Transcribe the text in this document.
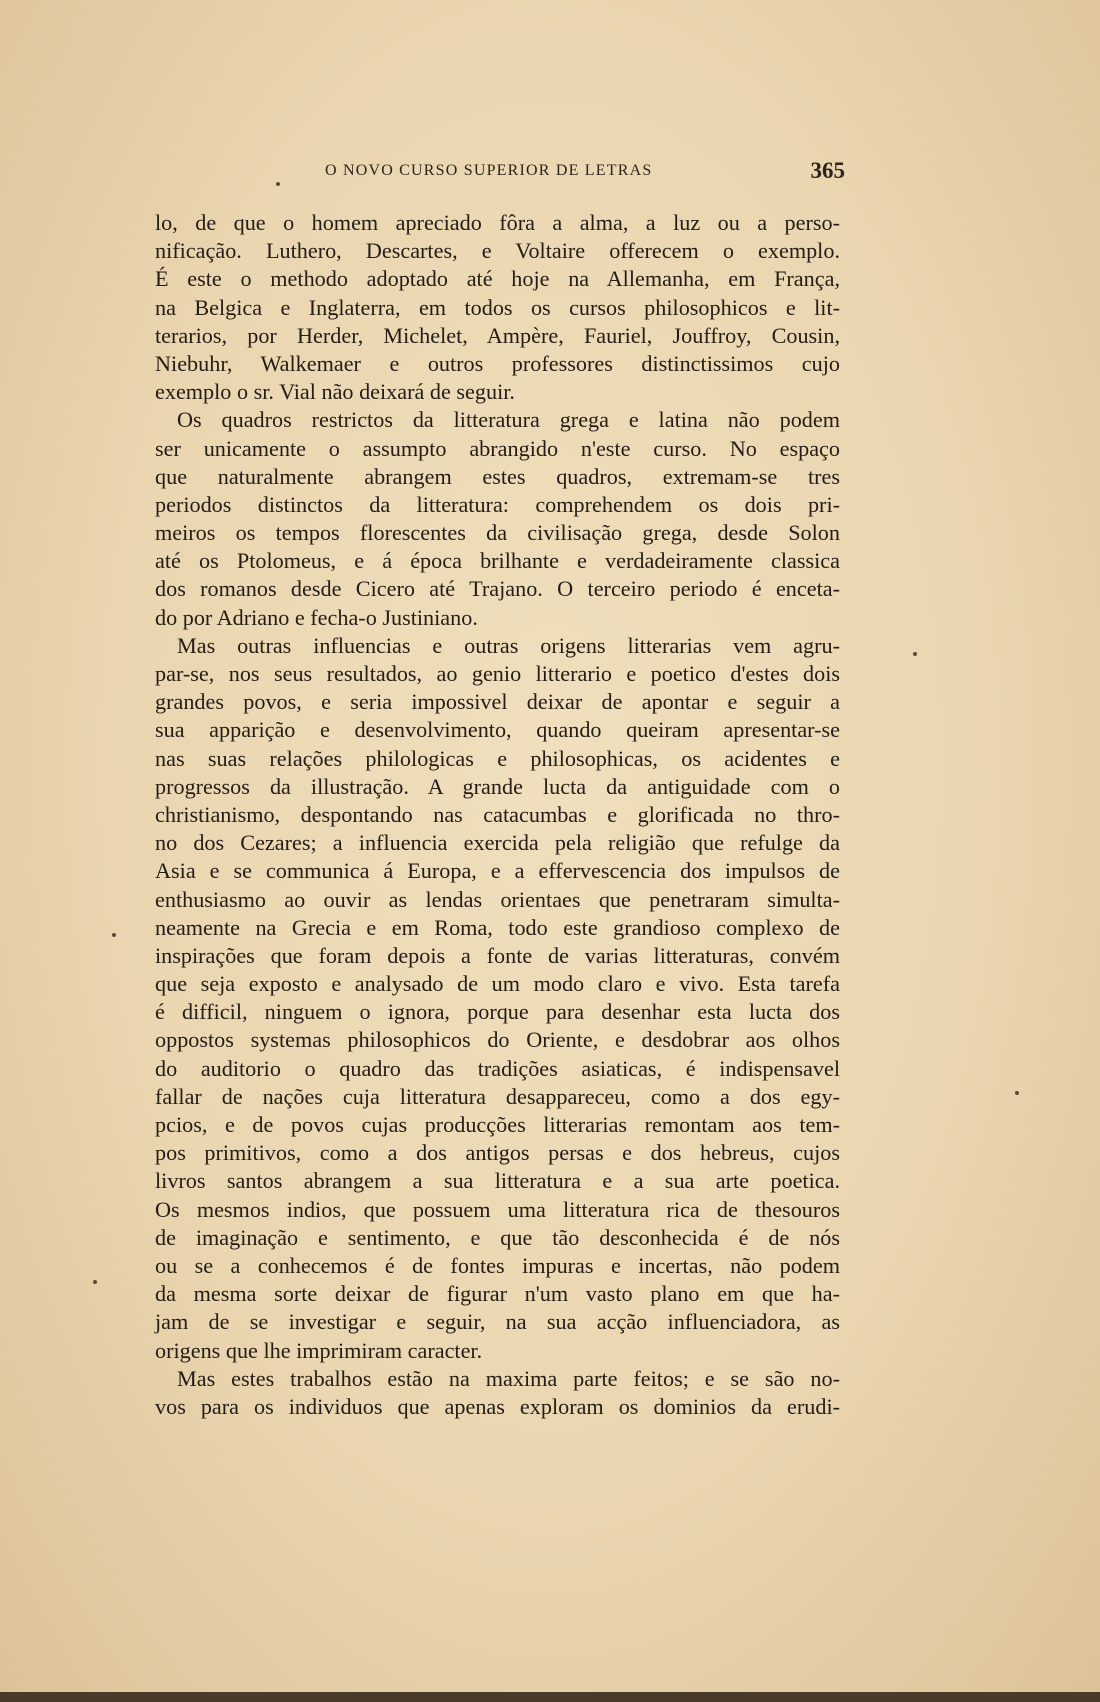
O NOVO CURSO SUPERIOR DE LETRAS	365
lo, de que o homem apreciado fôra a alma, a luz ou a perso-
nificação. Luthero, Descartes, e Voltaire offerecem o exemplo.
É este o methodo adoptado até hoje na Allemanha, em França,
na Belgica e Inglaterra, em todos os cursos philosophicos e lit-
terarios, por Herder, Michelet, Ampère, Fauriel, Jouffroy, Cousin,
Niebuhr, Walkemaer e outros professores distinctissimos cujo
exemplo o sr. Vial não deixará de seguir.
Os quadros restrictos da litteratura grega e latina não podem
ser unicamente o assumpto abrangido n'este curso. No espaço
que naturalmente abrangem estes quadros, extremam-se tres
periodos distinctos da litteratura: comprehendem os dois pri-
meiros os tempos florescentes da civilisação grega, desde Solon
até os Ptolomeus, e á época brilhante e verdadeiramente classica
dos romanos desde Cicero até Trajano. O terceiro periodo é enceta-
do por Adriano e fecha-o Justiniano.
Mas outras influencias e outras origens litterarias vem agru-
par-se, nos seus resultados, ao genio litterario e poetico d'estes dois
grandes povos, e seria impossivel deixar de apontar e seguir a
sua apparição e desenvolvimento, quando queiram apresentar-se
nas suas relações philologicas e philosophicas, os acidentes e
progressos da illustração. A grande lucta da antiguidade com o
christianismo, despontando nas catacumbas e glorificada no thro-
no dos Cezares; a influencia exercida pela religião que refulge da
Asia e se communica á Europa, e a effervescencia dos impulsos de
enthusiasmo ao ouvir as lendas orientaes que penetraram simulta-
neamente na Grecia e em Roma, todo este grandioso complexo de
inspirações que foram depois a fonte de varias litteraturas, convém
que seja exposto e analysado de um modo claro e vivo. Esta tarefa
é difficil, ninguem o ignora, porque para desenhar esta lucta dos
oppostos systemas philosophicos do Oriente, e desdobrar aos olhos
do auditorio o quadro das tradições asiaticas, é indispensavel
fallar de nações cuja litteratura desappareceu, como a dos egy-
pcios, e de povos cujas producções litterarias remontam aos tem-
pos primitivos, como a dos antigos persas e dos hebreus, cujos
livros santos abrangem a sua litteratura e a sua arte poetica.
Os mesmos indios, que possuem uma litteratura rica de thesouros
de imaginação e sentimento, e que tão desconhecida é de nós
ou se a conhecemos é de fontes impuras e incertas, não podem
da mesma sorte deixar de figurar n'um vasto plano em que ha-
jam de se investigar e seguir, na sua acção influenciadora, as
origens que lhe imprimiram caracter.
Mas estes trabalhos estão na maxima parte feitos; e se são no-
vos para os individuos que apenas exploram os dominios da erudi-
